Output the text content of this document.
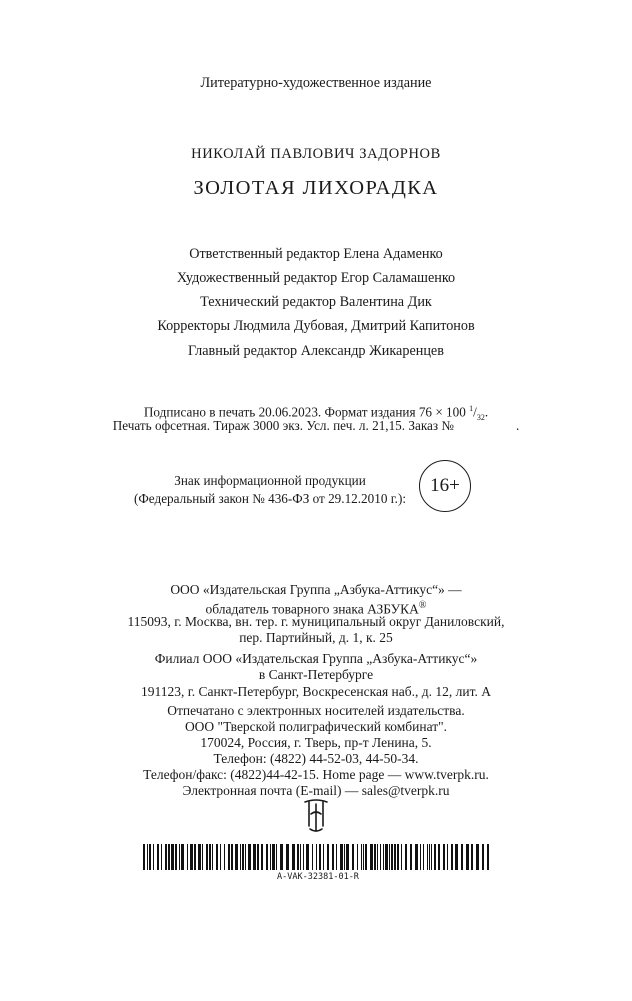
Литературно-художественное издание
НИКОЛАЙ ПАВЛОВИЧ ЗАДОРНОВ
ЗОЛОТАЯ ЛИХОРАДКА
Ответственный редактор Елена Адаменко
Художественный редактор Егор Саламашенко
Технический редактор Валентина Дик
Корректоры Людмила Дубовая, Дмитрий Капитонов
Главный редактор Александр Жикаренцев
Подписано в печать 20.06.2023. Формат издания 76 × 100 $^1/_{32}$.
Печать офсетная. Тираж 3000 экз. Усл. печ. л. 21,15. Заказ №	.
Знак информационной продукции
(Федеральный закон № 436-ФЗ от 29.12.2010 г.):
16+
ООО «Издательская Группа „Азбука-Аттикус“» —
обладатель товарного знака АЗБУКА®
115093, г. Москва, вн. тер. г. муниципальный округ Даниловский,
пер. Партийный, д. 1, к. 25
Филиал ООО «Издательская Группа „Азбука-Аттикус“»
в Санкт-Петербурге
191123, г. Санкт-Петербург, Воскресенская наб., д. 12, лит. А
Отпечатано с электронных носителей издательства.
ООО "Тверской полиграфический комбинат".
170024, Россия, г. Тверь, пр-т Ленина, 5.
Телефон: (4822) 44-52-03, 44-50-34.
Телефон/факс: (4822)44-42-15. Home page — www.tverpk.ru.
Электронная почта (E-mail) — sales@tverpk.ru
A-VAK-32381-01-R
